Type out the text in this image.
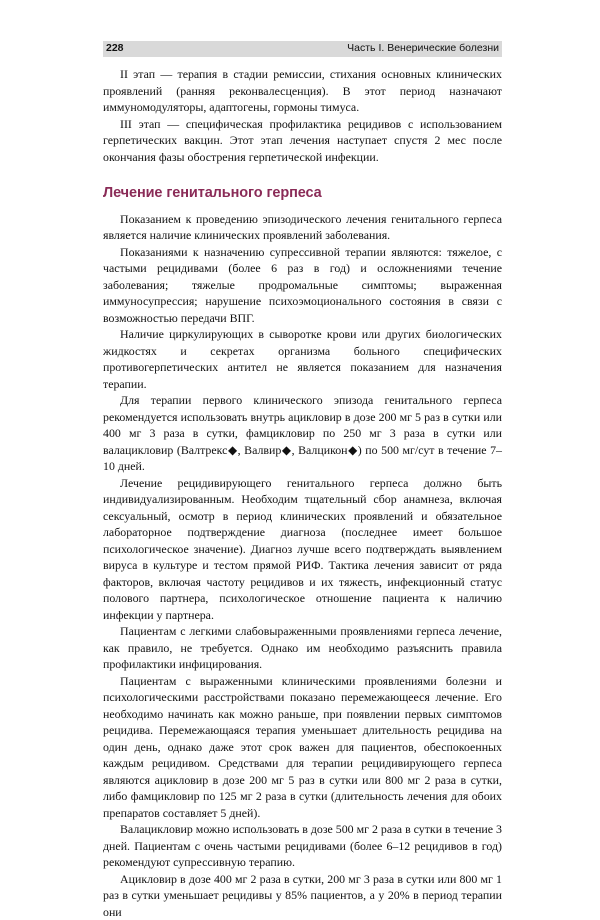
228	Часть I. Венерические болезни

II этап — терапия в стадии ремиссии, стихания основных клинических проявлений (ранняя реконвалесценция). В этот период назначают иммуномодуляторы, адаптогены, гормоны тимуса.

III этап — специфическая профилактика рецидивов с использованием герпетических вакцин. Этот этап лечения наступает спустя 2 мес после окончания фазы обострения герпетической инфекции.

Лечение генитального герпеса

Показанием к проведению эпизодического лечения генитального герпеса является наличие клинических проявлений заболевания.

Показаниями к назначению супрессивной терапии являются: тяжелое, с частыми рецидивами (более 6 раз в год) и осложнениями течение заболевания; тяжелые продромальные симптомы; выраженная иммуносупрессия; нарушение психоэмоционального состояния в связи с возможностью передачи ВПГ.

Наличие циркулирующих в сыворотке крови или других биологических жидкостях и секретах организма больного специфических противогерпетических антител не является показанием для назначения терапии.

Для терапии первого клинического эпизода генитального герпеса рекомендуется использовать внутрь ацикловир в дозе 200 мг 5 раз в сутки или 400 мг 3 раза в сутки, фамцикловир по 250 мг 3 раза в сутки или валацикловир (Валтрекс◆, Валвир◆, Валцикон◆) по 500 мг/сут в течение 7–10 дней.

Лечение рецидивирующего генитального герпеса должно быть индивидуализированным. Необходим тщательный сбор анамнеза, включая сексуальный, осмотр в период клинических проявлений и обязательное лабораторное подтверждение диагноза (последнее имеет большое психологическое значение). Диагноз лучше всего подтверждать выявлением вируса в культуре и тестом прямой РИФ. Тактика лечения зависит от ряда факторов, включая частоту рецидивов и их тяжесть, инфекционный статус полового партнера, психологическое отношение пациента к наличию инфекции у партнера.

Пациентам с легкими слабовыраженными проявлениями герпеса лечение, как правило, не требуется. Однако им необходимо разъяснить правила профилактики инфицирования.

Пациентам с выраженными клиническими проявлениями болезни и психологическими расстройствами показано перемежающееся лечение. Его необходимо начинать как можно раньше, при появлении первых симптомов рецидива. Перемежающаяся терапия уменьшает длительность рецидива на один день, однако даже этот срок важен для пациентов, обеспокоенных каждым рецидивом. Средствами для терапии рецидивирующего герпеса являются ацикловир в дозе 200 мг 5 раз в сутки или 800 мг 2 раза в сутки, либо фамцикловир по 125 мг 2 раза в сутки (длительность лечения для обоих препаратов составляет 5 дней).

Валацикловир можно использовать в дозе 500 мг 2 раза в сутки в течение 3 дней. Пациентам с очень частыми рецидивами (более 6–12 рецидивов в год) рекомендуют супрессивную терапию.

Ацикловир в дозе 400 мг 2 раза в сутки, 200 мг 3 раза в сутки или 800 мг 1 раз в сутки уменьшает рецидивы у 85% пациентов, а у 20% в период терапии они
